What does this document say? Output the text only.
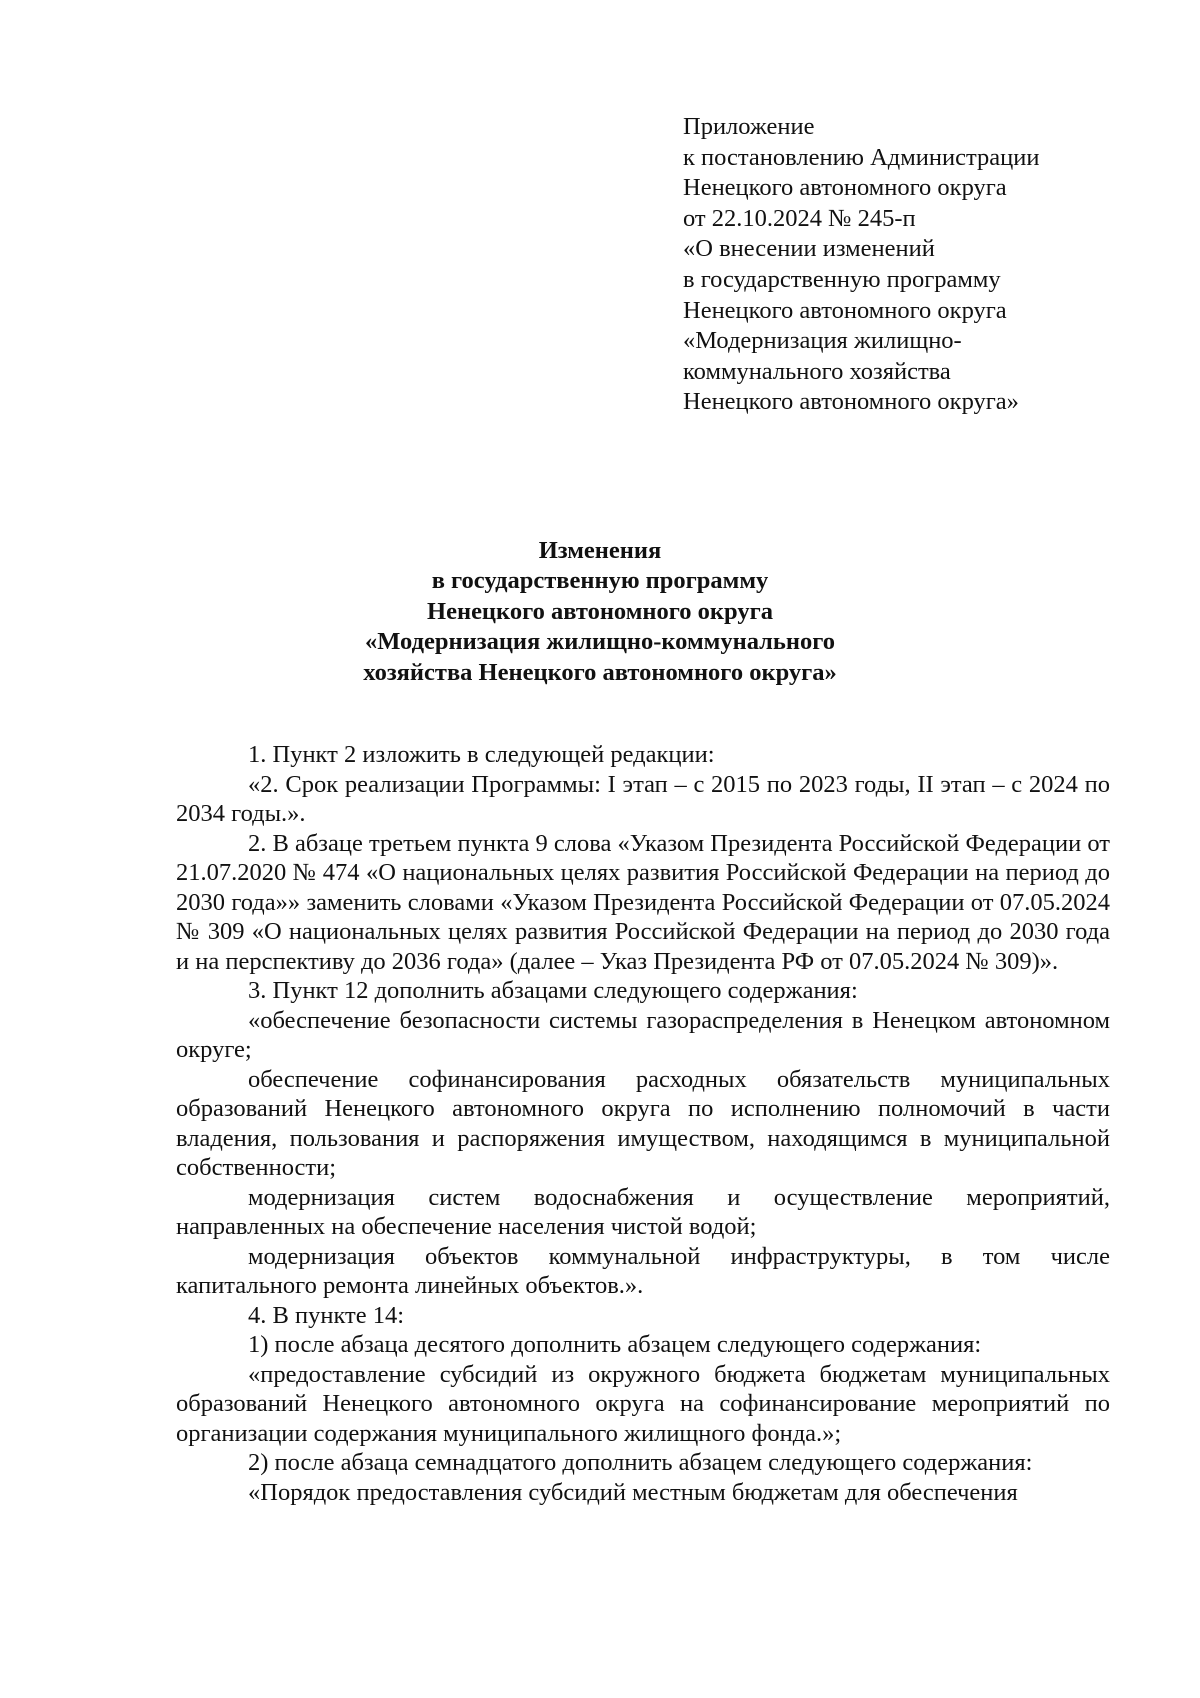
Приложение
к постановлению Администрации
Ненецкого автономного округа
от 22.10.2024 № 245-п
«О внесении изменений
в государственную программу
Ненецкого автономного округа
«Модернизация жилищно-
коммунального хозяйства
Ненецкого автономного округа»
Изменения
в государственную программу
Ненецкого автономного округа
«Модернизация жилищно-коммунального
хозяйства Ненецкого автономного округа»

1. Пункт 2 изложить в следующей редакции:

«2. Срок реализации Программы: I этап – с 2015 по 2023 годы, II этап – с 2024 по 2034 годы.».

2. В абзаце третьем пункта 9 слова «Указом Президента Российской Федерации от 21.07.2020 № 474 «О национальных целях развития Российской Федерации на период до 2030 года»» заменить словами «Указом Президента Российской Федерации от 07.05.2024 № 309 «О национальных целях развития Российской Федерации на период до 2030 года и на перспективу до 2036 года» (далее – Указ Президента РФ от 07.05.2024 № 309)».

3. Пункт 12 дополнить абзацами следующего содержания:

«обеспечение безопасности системы газораспределения в Ненецком автономном округе;

обеспечение софинансирования расходных обязательств муниципальных образований Ненецкого автономного округа по исполнению полномочий в части владения, пользования и распоряжения имуществом, находящимся в муниципальной собственности;

модернизация систем водоснабжения и осуществление мероприятий, направленных на обеспечение населения чистой водой;

модернизация объектов коммунальной инфраструктуры, в том числе капитального ремонта линейных объектов.».

4. В пункте 14:

1) после абзаца десятого дополнить абзацем следующего содержания:

«предоставление субсидий из окружного бюджета бюджетам муниципальных образований Ненецкого автономного округа на софинансирование мероприятий по организации содержания муниципального жилищного фонда.»;

2) после абзаца семнадцатого дополнить абзацем следующего содержания:

«Порядок предоставления субсидий местным бюджетам для обеспечения
